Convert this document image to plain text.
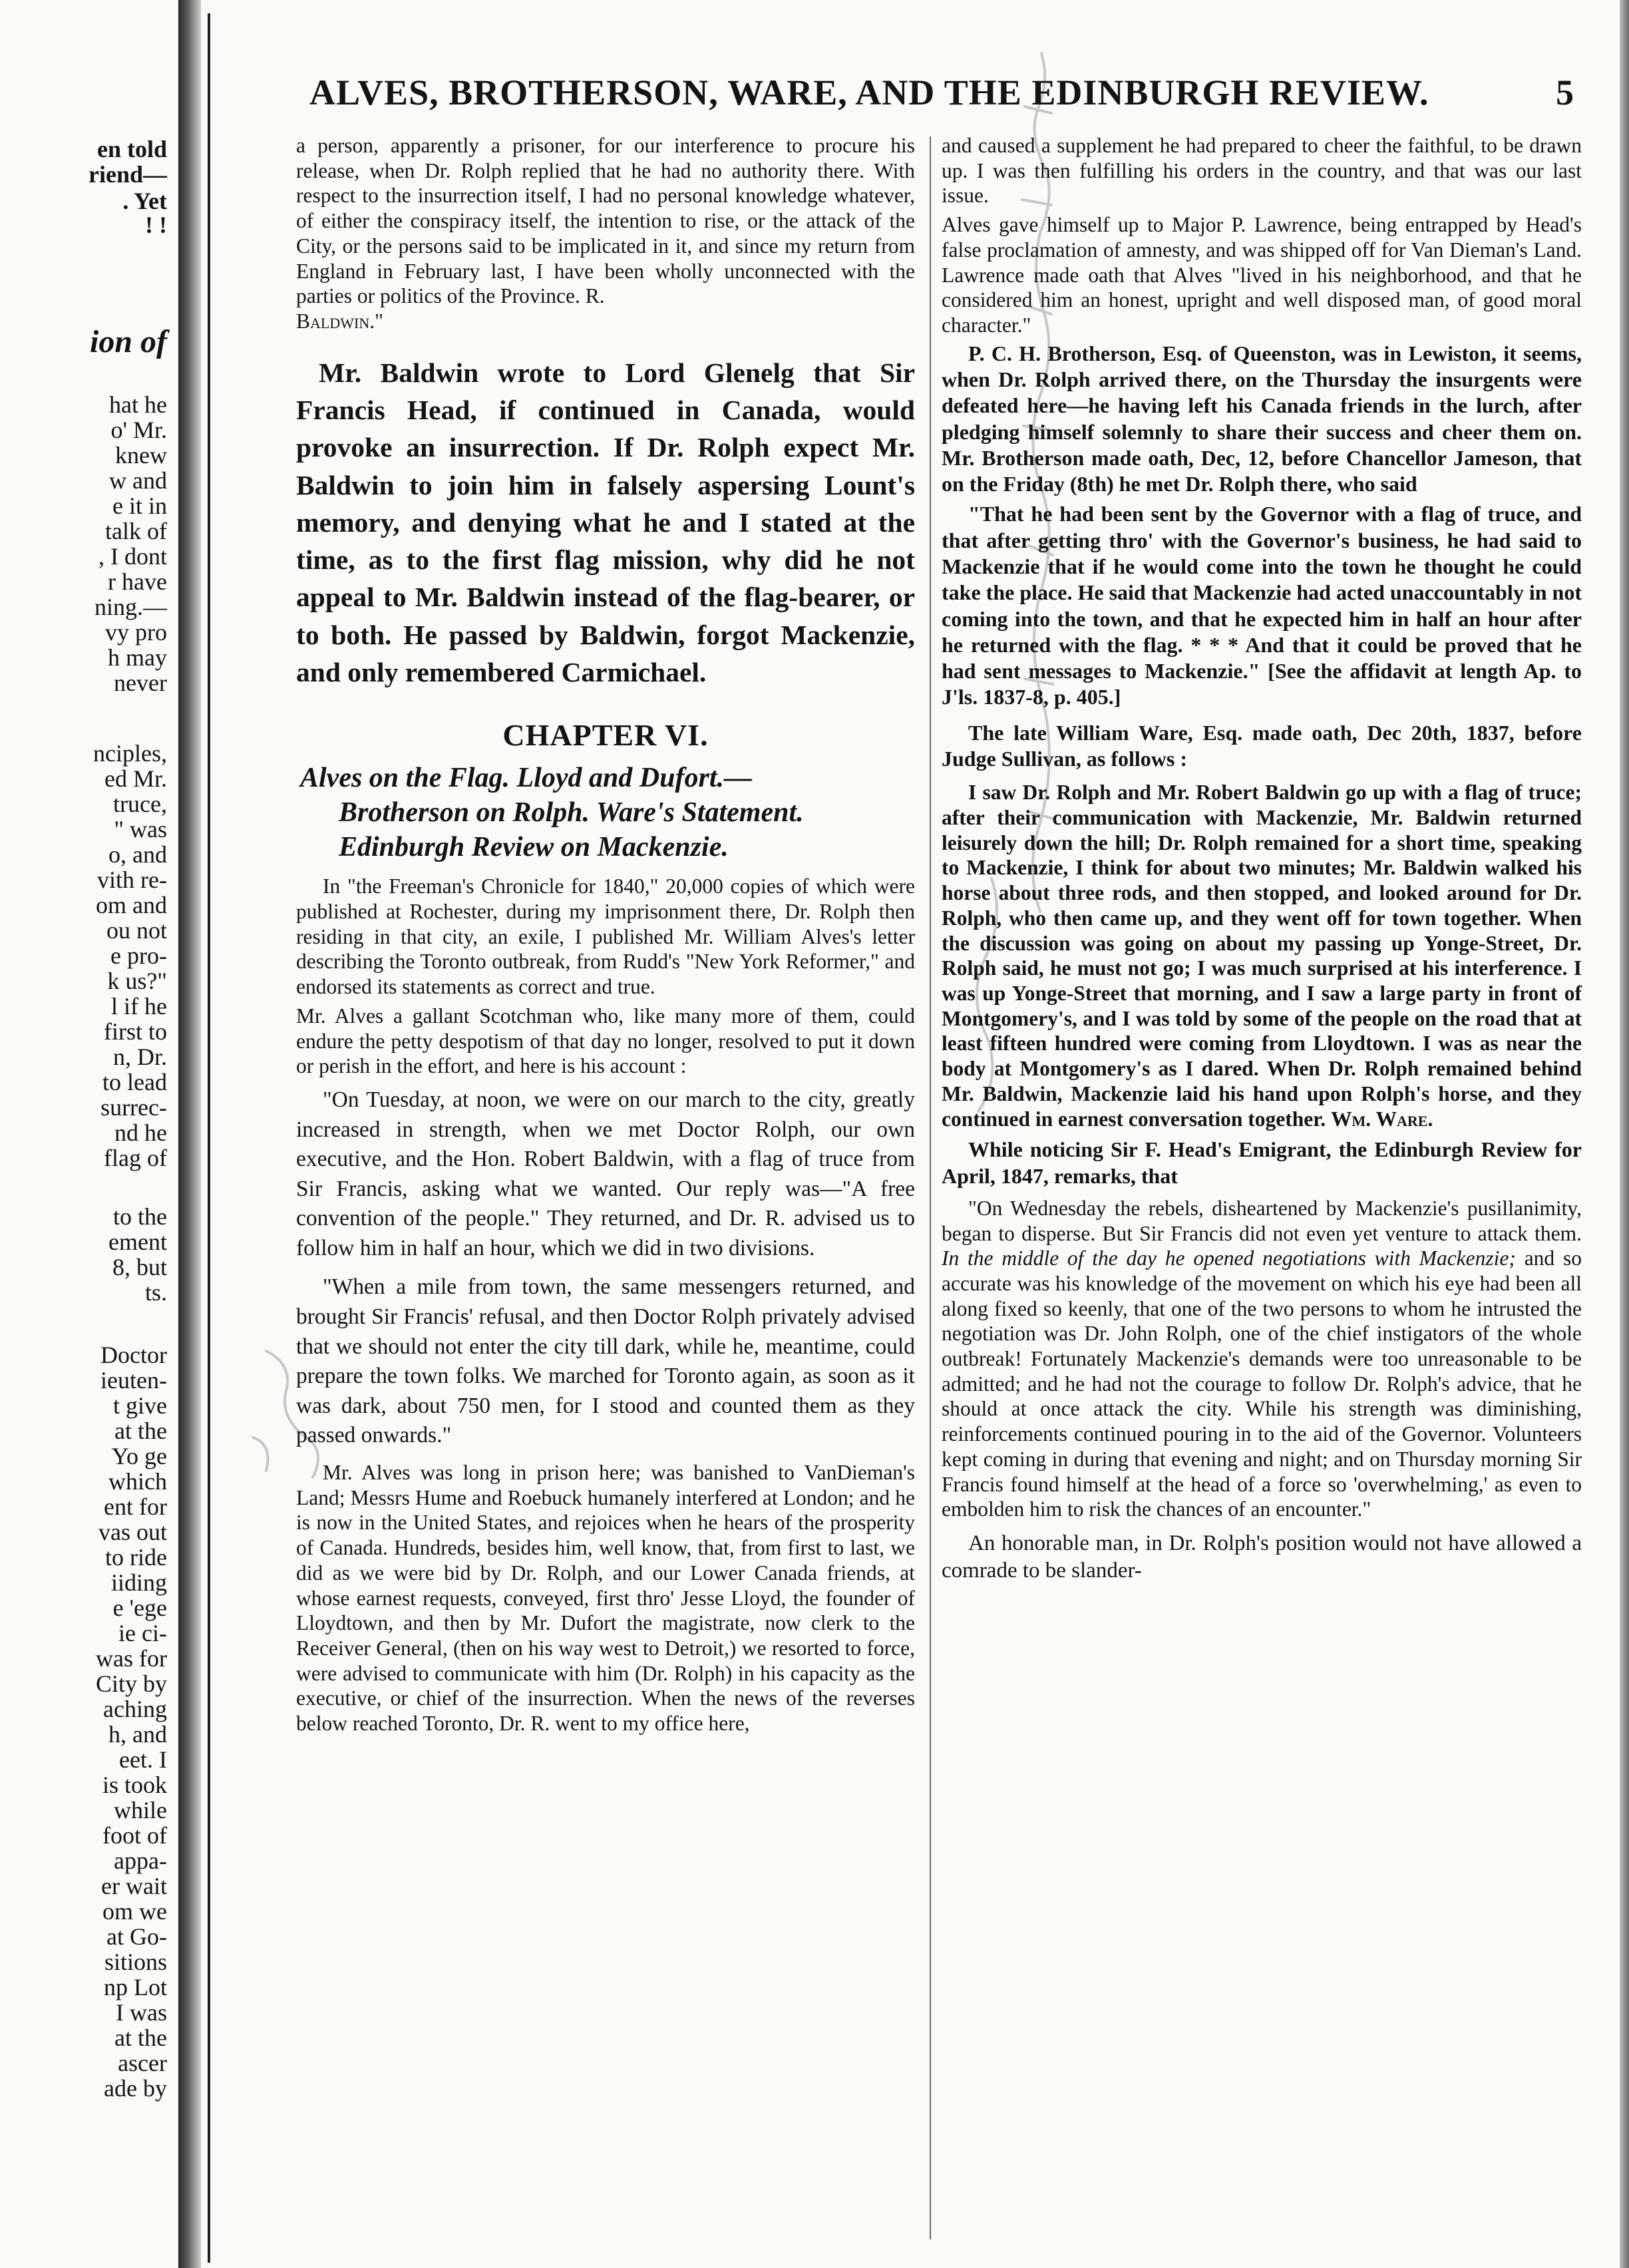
en told
riend—
. Yet
! !
ion of
hat he
o' Mr.
knew
w and
e it in
talk of
, I dont
r have
ning.—
vy pro
h may
never
nciples,
ed Mr.
truce,
" was
o, and
vith re-
om and
ou not
e pro-
k us?"
l if he
first to
n, Dr.
to lead
surrec-
nd he
flag of
to the
ement
8, but
ts.
Doctor
ieuten-
t give
at the
Yo ge
which
ent for
vas out
to ride
iiding
e 'ege
ie ci-
was for
City by
aching
h, and
eet. I
is took
while
foot of
appa-
er wait
om we
at Go-
sitions
np Lot
I was
at the
ascer
ade by
ALVES, BROTHERSON, WARE, AND THE EDINBURGH REVIEW.	5

a person, apparently a prisoner, for our interference to procure his release, when Dr. Rolph replied that he had no authority there. With respect to the insurrection itself, I had no personal knowledge whatever, of either the conspiracy itself, the intention to rise, or the attack of the City, or the persons said to be implicated in it, and since my return from England in February last, I have been wholly unconnected with the parties or politics of the Province. R.
Baldwin."

Mr. Baldwin wrote to Lord Glenelg that Sir Francis Head, if continued in Canada, would provoke an insurrection. If Dr. Rolph expect Mr. Baldwin to join him in falsely aspersing Lount's memory, and denying what he and I stated at the time, as to the first flag mission, why did he not appeal to Mr. Baldwin instead of the flag-bearer, or to both. He passed by Baldwin, forgot Mackenzie, and only remembered Carmichael.

CHAPTER VI.
Alves on the Flag. Lloyd and Dufort.—
Brotherson on Rolph. Ware's Statement.
Edinburgh Review on Mackenzie.

In "the Freeman's Chronicle for 1840," 20,000 copies of which were published at Rochester, during my imprisonment there, Dr. Rolph then residing in that city, an exile, I published Mr. William Alves's letter describing the Toronto outbreak, from Rudd's "New York Reformer," and endorsed its statements as correct and true.

Mr. Alves a gallant Scotchman who, like many more of them, could endure the petty despotism of that day no longer, resolved to put it down or perish in the effort, and here is his account :

"On Tuesday, at noon, we were on our march to the city, greatly increased in strength, when we met Doctor Rolph, our own executive, and the Hon. Robert Baldwin, with a flag of truce from Sir Francis, asking what we wanted. Our reply was—"A free convention of the people." They returned, and Dr. R. advised us to follow him in half an hour, which we did in two divisions.

"When a mile from town, the same messengers returned, and brought Sir Francis' refusal, and then Doctor Rolph privately advised that we should not enter the city till dark, while he, meantime, could prepare the town folks. We marched for Toronto again, as soon as it was dark, about 750 men, for I stood and counted them as they passed onwards."

Mr. Alves was long in prison here; was banished to VanDieman's Land; Messrs Hume and Roebuck humanely interfered at London; and he is now in the United States, and rejoices when he hears of the prosperity of Canada. Hundreds, besides him, well know, that, from first to last, we did as we were bid by Dr. Rolph, and our Lower Canada friends, at whose earnest requests, conveyed, first thro' Jesse Lloyd, the founder of Lloydtown, and then by Mr. Dufort the magistrate, now clerk to the Receiver General, (then on his way west to Detroit,) we resorted to force, were advised to communicate with him (Dr. Rolph) in his capacity as the executive, or chief of the insurrection. When the news of the reverses below reached Toronto, Dr. R. went to my office here,

and caused a supplement he had prepared to cheer the faithful, to be drawn up. I was then fulfilling his orders in the country, and that was our last issue.

Alves gave himself up to Major P. Lawrence, being entrapped by Head's false proclamation of amnesty, and was shipped off for Van Dieman's Land. Lawrence made oath that Alves "lived in his neighborhood, and that he considered him an honest, upright and well disposed man, of good moral character."

P. C. H. Brotherson, Esq. of Queenston, was in Lewiston, it seems, when Dr. Rolph arrived there, on the Thursday the insurgents were defeated here—he having left his Canada friends in the lurch, after pledging himself solemnly to share their success and cheer them on. Mr. Brotherson made oath, Dec, 12, before Chancellor Jameson, that on the Friday (8th) he met Dr. Rolph there, who said

"That he had been sent by the Governor with a flag of truce, and that after getting thro' with the Governor's business, he had said to Mackenzie that if he would come into the town he thought he could take the place. He said that Mackenzie had acted unaccountably in not coming into the town, and that he expected him in half an hour after he returned with the flag. * * * And that it could be proved that he had sent messages to Mackenzie." [See the affidavit at length Ap. to J'ls. 1837-8, p. 405.]

The late William Ware, Esq. made oath, Dec 20th, 1837, before Judge Sullivan, as follows :

I saw Dr. Rolph and Mr. Robert Baldwin go up with a flag of truce; after their communication with Mackenzie, Mr. Baldwin returned leisurely down the hill; Dr. Rolph remained for a short time, speaking to Mackenzie, I think for about two minutes; Mr. Baldwin walked his horse about three rods, and then stopped, and looked around for Dr. Rolph, who then came up, and they went off for town together. When the discussion was going on about my passing up Yonge-Street, Dr. Rolph said, he must not go; I was much surprised at his interference. I was up Yonge-Street that morning, and I saw a large party in front of Montgomery's, and I was told by some of the people on the road that at least fifteen hundred were coming from Lloydtown. I was as near the body at Montgomery's as I dared. When Dr. Rolph remained behind Mr. Baldwin, Mackenzie laid his hand upon Rolph's horse, and they continued in earnest conversation together. Wm. Ware.

While noticing Sir F. Head's Emigrant, the Edinburgh Review for April, 1847, remarks, that

"On Wednesday the rebels, disheartened by Mackenzie's pusillanimity, began to disperse. But Sir Francis did not even yet venture to attack them. In the middle of the day he opened negotiations with Mackenzie; and so accurate was his knowledge of the movement on which his eye had been all along fixed so keenly, that one of the two persons to whom he intrusted the negotiation was Dr. John Rolph, one of the chief instigators of the whole outbreak! Fortunately Mackenzie's demands were too unreasonable to be admitted; and he had not the courage to follow Dr. Rolph's advice, that he should at once attack the city. While his strength was diminishing, reinforcements continued pouring in to the aid of the Governor. Volunteers kept coming in during that evening and night; and on Thursday morning Sir Francis found himself at the head of a force so 'overwhelming,' as even to embolden him to risk the chances of an encounter."

An honorable man, in Dr. Rolph's position would not have allowed a comrade to be slander-
